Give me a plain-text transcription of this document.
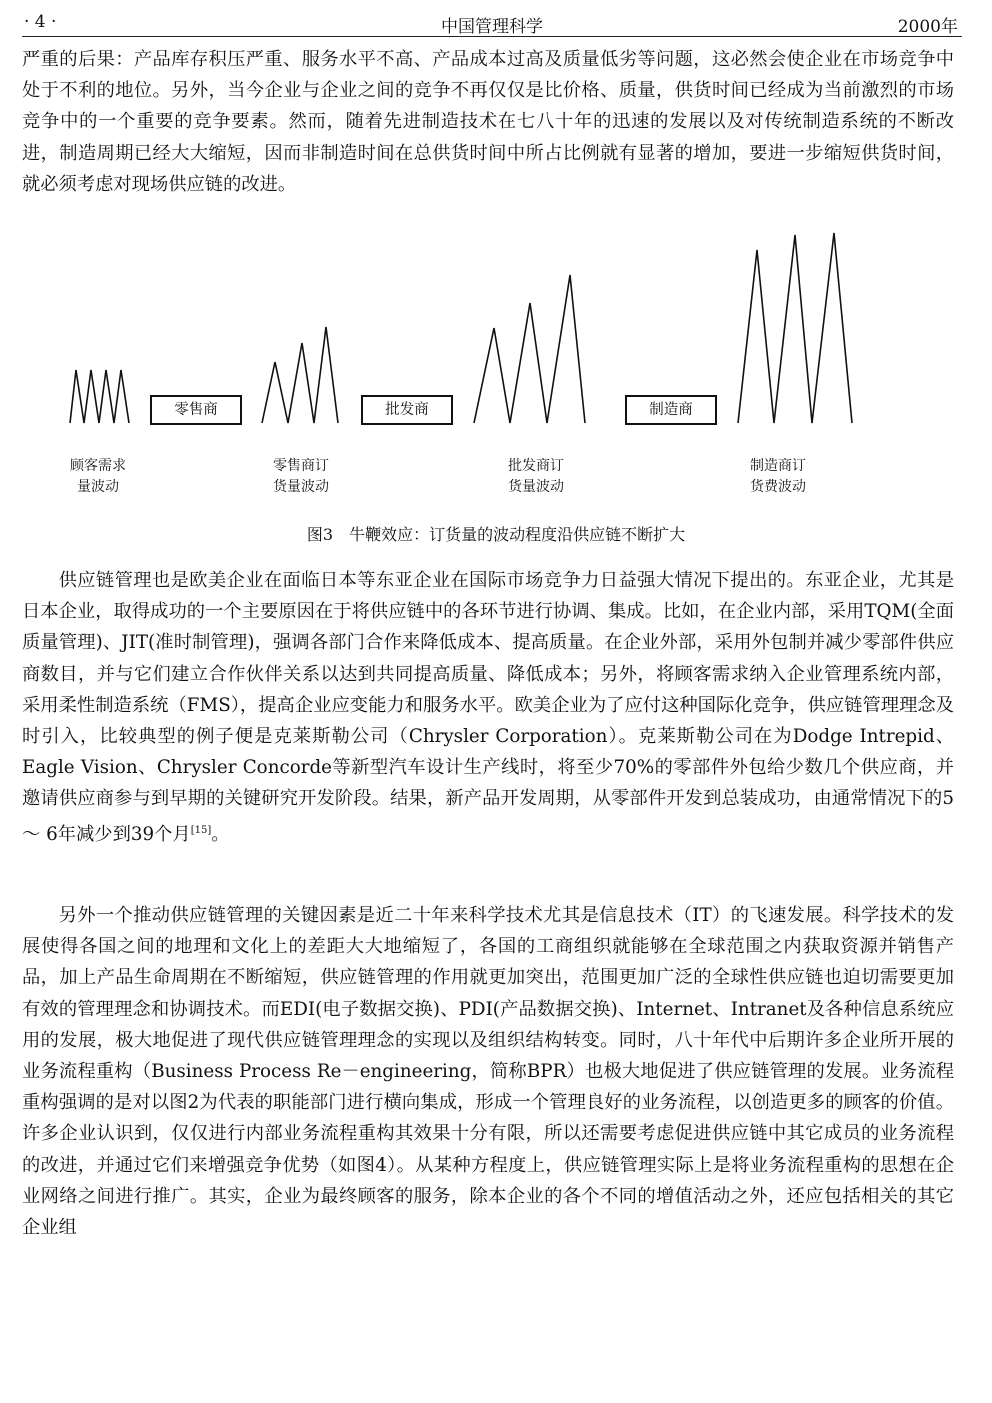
· 4 ·	中国管理科学	2000年

严重的后果：产品库存积压严重、服务水平不高、产品成本过高及质量低劣等问题，这必然会使企业在市场竞争中处于不利的地位。另外，当今企业与企业之间的竞争不再仅仅是比价格、质量，供货时间已经成为当前激烈的市场竞争中的一个重要的竞争要素。然而，随着先进制造技术在七八十年的迅速的发展以及对传统制造系统的不断改进，制造周期已经大大缩短，因而非制造时间在总供货时间中所占比例就有显著的增加，要进一步缩短供货时间，就必须考虑对现场供应链的改进。

零售商	批发商	制造商
顾客需求
量波动
零售商订
货量波动
批发商订
货量波动
制造商订
货费波动
图3　牛鞭效应：订货量的波动程度沿供应链不断扩大

供应链管理也是欧美企业在面临日本等东亚企业在国际市场竞争力日益强大情况下提出的。东亚企业，尤其是日本企业，取得成功的一个主要原因在于将供应链中的各环节进行协调、集成。比如，在企业内部，采用TQM(全面质量管理)、JIT(准时制管理)，强调各部门合作来降低成本、提高质量。在企业外部，采用外包制并减少零部件供应商数目，并与它们建立合作伙伴关系以达到共同提高质量、降低成本；另外，将顾客需求纳入企业管理系统内部，采用柔性制造系统（FMS），提高企业应变能力和服务水平。欧美企业为了应付这种国际化竞争，供应链管理理念及时引入，比较典型的例子便是克莱斯勒公司（Chrysler Corporation）。克莱斯勒公司在为Dodge Intrepid、Eagle Vision、Chrysler Concorde等新型汽车设计生产线时，将至少70%的零部件外包给少数几个供应商，并邀请供应商参与到早期的关键研究开发阶段。结果，新产品开发周期，从零部件开发到总装成功，由通常情况下的5～ 6年减少到39个月[15]。

另外一个推动供应链管理的关键因素是近二十年来科学技术尤其是信息技术（IT）的飞速发展。科学技术的发展使得各国之间的地理和文化上的差距大大地缩短了，各国的工商组织就能够在全球范围之内获取资源并销售产品，加上产品生命周期在不断缩短，供应链管理的作用就更加突出，范围更加广泛的全球性供应链也迫切需要更加有效的管理理念和协调技术。而EDI(电子数据交换)、PDI(产品数据交换)、Internet、Intranet及各种信息系统应用的发展，极大地促进了现代供应链管理理念的实现以及组织结构转变。同时，八十年代中后期许多企业所开展的业务流程重构（Business Process Re－engineering，简称BPR）也极大地促进了供应链管理的发展。业务流程重构强调的是对以图2为代表的职能部门进行横向集成，形成一个管理良好的业务流程，以创造更多的顾客的价值。许多企业认识到，仅仅进行内部业务流程重构其效果十分有限，所以还需要考虑促进供应链中其它成员的业务流程的改进，并通过它们来增强竞争优势（如图4）。从某种方程度上，供应链管理实际上是将业务流程重构的思想在企业网络之间进行推广。其实，企业为最终顾客的服务，除本企业的各个不同的增值活动之外，还应包括相关的其它企业组
